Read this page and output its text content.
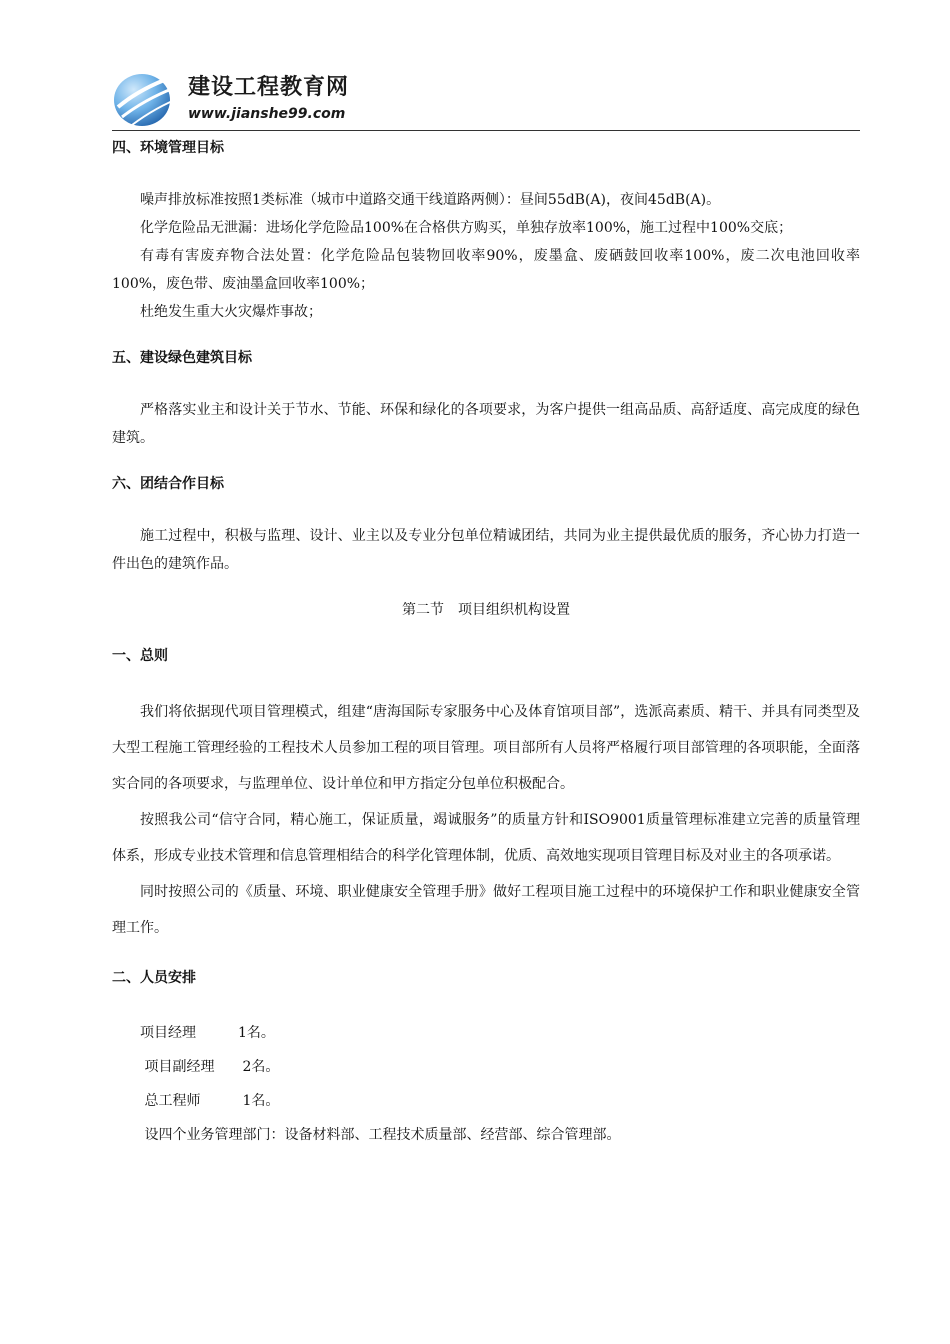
建设工程教育网
www.jianshe99.com

四、环境管理目标

噪声排放标准按照1类标准（城市中道路交通干线道路两侧）：昼间55dB(A)，夜间45dB(A)。

化学危险品无泄漏：进场化学危险品100%在合格供方购买，单独存放率100%，施工过程中100%交底；

有毒有害废弃物合法处置：化学危险品包装物回收率90%，废墨盒、废硒鼓回收率100%，废二次电池回收率100%，废色带、废油墨盒回收率100%；

杜绝发生重大火灾爆炸事故；

五、建设绿色建筑目标

严格落实业主和设计关于节水、节能、环保和绿化的各项要求，为客户提供一组高品质、高舒适度、高完成度的绿色建筑。

六、团结合作目标

施工过程中，积极与监理、设计、业主以及专业分包单位精诚团结，共同为业主提供最优质的服务，齐心协力打造一件出色的建筑作品。

第二节　项目组织机构设置

一、总则

我们将依据现代项目管理模式，组建“唐海国际专家服务中心及体育馆项目部”，选派高素质、精干、并具有同类型及大型工程施工管理经验的工程技术人员参加工程的项目管理。项目部所有人员将严格履行项目部管理的各项职能，全面落实合同的各项要求，与监理单位、设计单位和甲方指定分包单位积极配合。

按照我公司“信守合同，精心施工，保证质量，竭诚服务”的质量方针和ISO9001质量管理标准建立完善的质量管理体系，形成专业技术管理和信息管理相结合的科学化管理体制，优质、高效地实现项目管理目标及对业主的各项承诺。

同时按照公司的《质量、环境、职业健康安全管理手册》做好工程项目施工过程中的环境保护工作和职业健康安全管理工作。

二、人员安排

项目经理　　　1名。

项目副经理　　2名。

总工程师　　　1名。

设四个业务管理部门：设备材料部、工程技术质量部、经营部、综合管理部。
